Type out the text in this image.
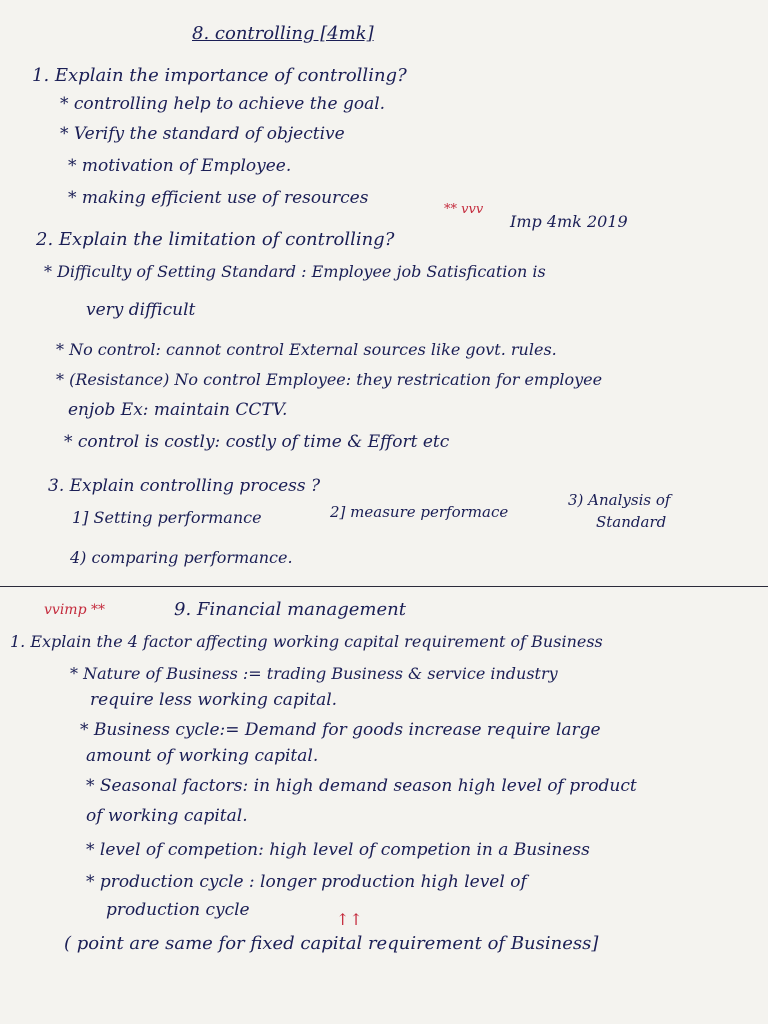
8. controlling [4mk]
1. Explain the importance of controlling?
* controlling help to achieve the goal.
* Verify the standard of objective
* motivation of Employee.
* making efficient use of resources
2. Explain the limitation of controlling?
** vvv
Imp 4mk 2019
* Difficulty of Setting Standard : Employee job Satisfication is
very difficult
* No control: cannot control External sources like govt. rules.
* (Resistance) No control Employee: they restrication for employee
enjob Ex: maintain CCTV.
* control is costly: costly of time & Effort etc
3. Explain controlling process ?
1] Setting performance	2] measure performace
3) Analysis of
Standard
4) comparing performance.
vvimp **	9. Financial management
1. Explain the 4 factor affecting working capital requirement of Business
* Nature of Business := trading Business & service industry
require less working capital.
* Business cycle:= Demand for goods increase require large
amount of working capital.
* Seasonal factors: in high demand season high level of product
of working capital.
* level of competion: high level of competion in a Business
* production cycle : longer production high level of
production cycle	↑↑
( point are same for fixed capital requirement of Business]
